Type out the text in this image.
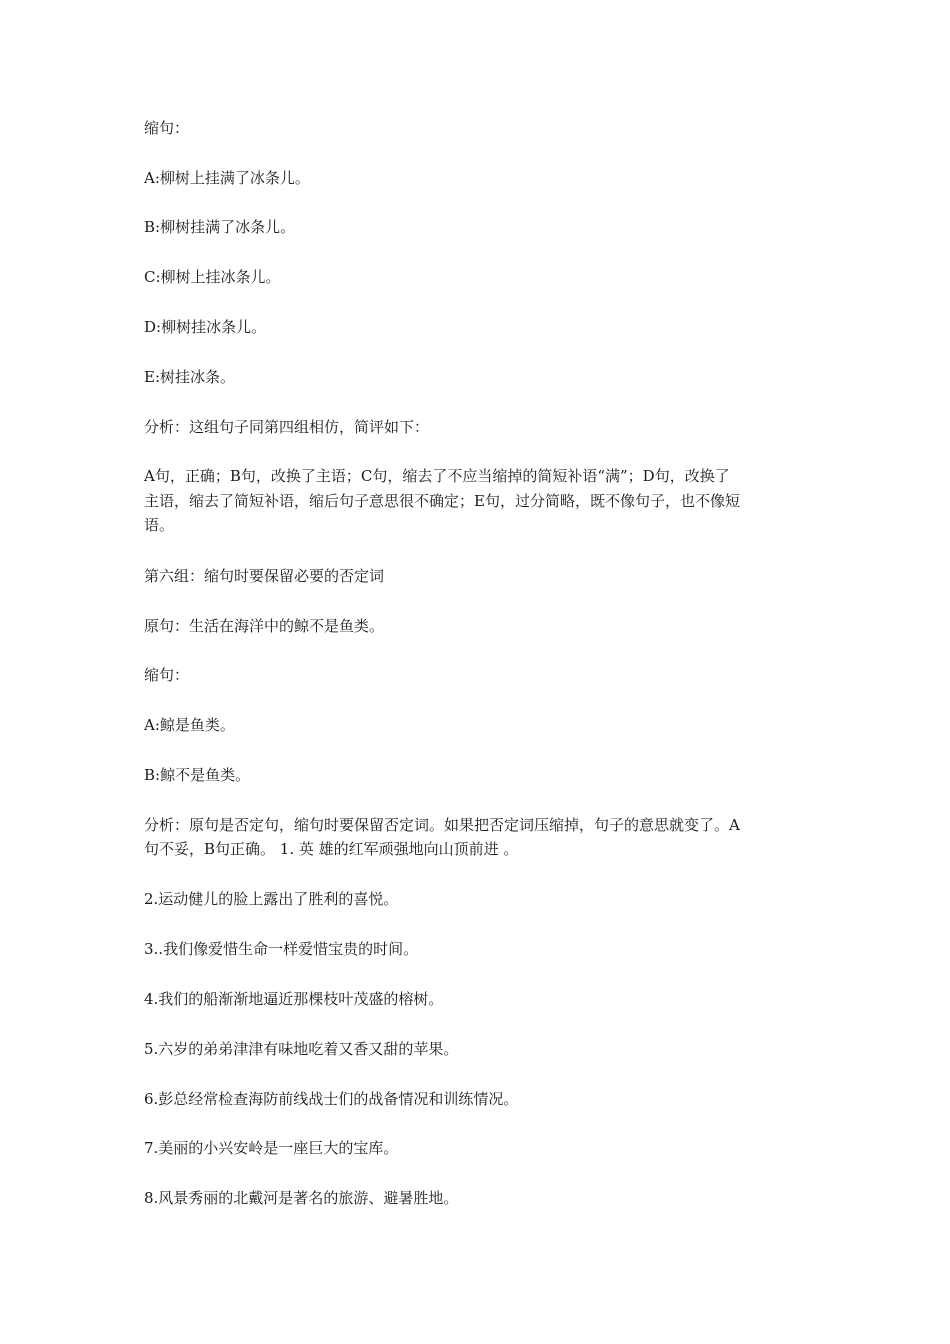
缩句：
A:柳树上挂满了冰条儿。
B:柳树挂满了冰条儿。
C:柳树上挂冰条儿。
D:柳树挂冰条儿。
E:树挂冰条。
分析：这组句子同第四组相仿，简评如下：
A句，正确；B句，改换了主语；C句，缩去了不应当缩掉的简短补语“满”；D句，改换了
主语，缩去了简短补语，缩后句子意思很不确定；E句，过分简略，既不像句子，也不像短
语。
第六组：缩句时要保留必要的否定词
原句：生活在海洋中的鲸不是鱼类。
缩句：
A:鲸是鱼类。
B:鲸不是鱼类。
分析：原句是否定句，缩句时要保留否定词。如果把否定词压缩掉，句子的意思就变了。A
句不妥，B句正确。 1. 英 雄的红军顽强地向山顶前进 。
2.运动健儿的脸上露出了胜利的喜悦。
3..我们像爱惜生命一样爱惜宝贵的时间。
4.我们的船渐渐地逼近那棵枝叶茂盛的榕树。
5.六岁的弟弟津津有味地吃着又香又甜的苹果。
6.彭总经常检查海防前线战士们的战备情况和训练情况。
7.美丽的小兴安岭是一座巨大的宝库。
8.风景秀丽的北戴河是著名的旅游、避暑胜地。
